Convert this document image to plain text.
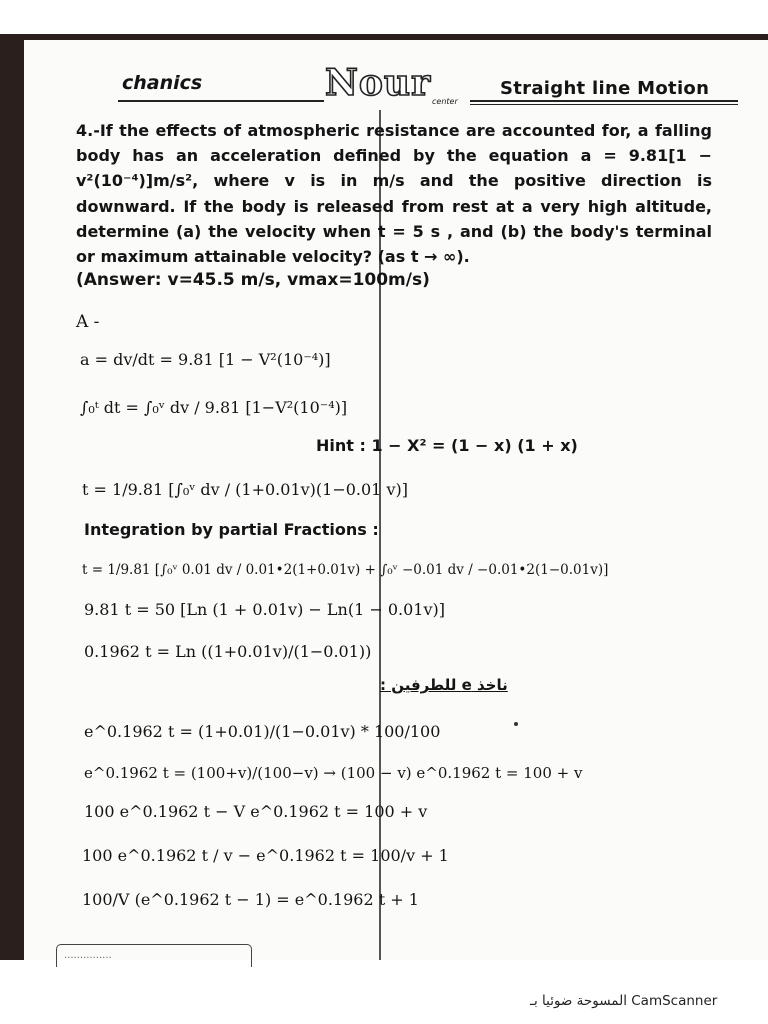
chanics	Nour center
Straight line Motion
4.-If the effects of atmospheric resistance are accounted for, a falling body has an acceleration defined by the equation a = 9.81[1 − v²(10⁻⁴)]m/s², where v is in m/s and the positive direction is downward. If the body is released from rest at a very high altitude, determine (a) the velocity when t = 5 s , and (b) the body's terminal or maximum attainable velocity? (as t → ∞).
(Answer: v=45.5 m/s, vmax=100m/s)
A -
a = dv/dt = 9.81 [1 − V²(10⁻⁴)]
∫₀ᵗ dt = ∫₀ᵛ dv / 9.81 [1−V²(10⁻⁴)]
Hint : 1 − X² = (1 − x) (1 + x)
t = 1/9.81 [∫₀ᵛ dv / (1+0.01v)(1−0.01 v)]
Integration by partial Fractions :
t = 1/9.81 [∫₀ᵛ 0.01 dv / 0.01•2(1+0.01v) + ∫₀ᵛ −0.01 dv / −0.01•2(1−0.01v)]
9.81 t = 50 [Ln (1 + 0.01v) − Ln(1 − 0.01v)]
0.1962 t = Ln ((1+0.01v)/(1−0.01))
ناخذ e للطرفين :
e^0.1962 t = (1+0.01)/(1−0.01v) * 100/100
e^0.1962 t = (100+v)/(100−v) → (100 − v) e^0.1962 t = 100 + v
100 e^0.1962 t − V e^0.1962 t = 100 + v
100 e^0.1962 t / v − e^0.1962 t = 100/v + 1
100/V (e^0.1962 t − 1) = e^0.1962 t + 1
...............
المسوحة ضوئيا بـ CamScanner
